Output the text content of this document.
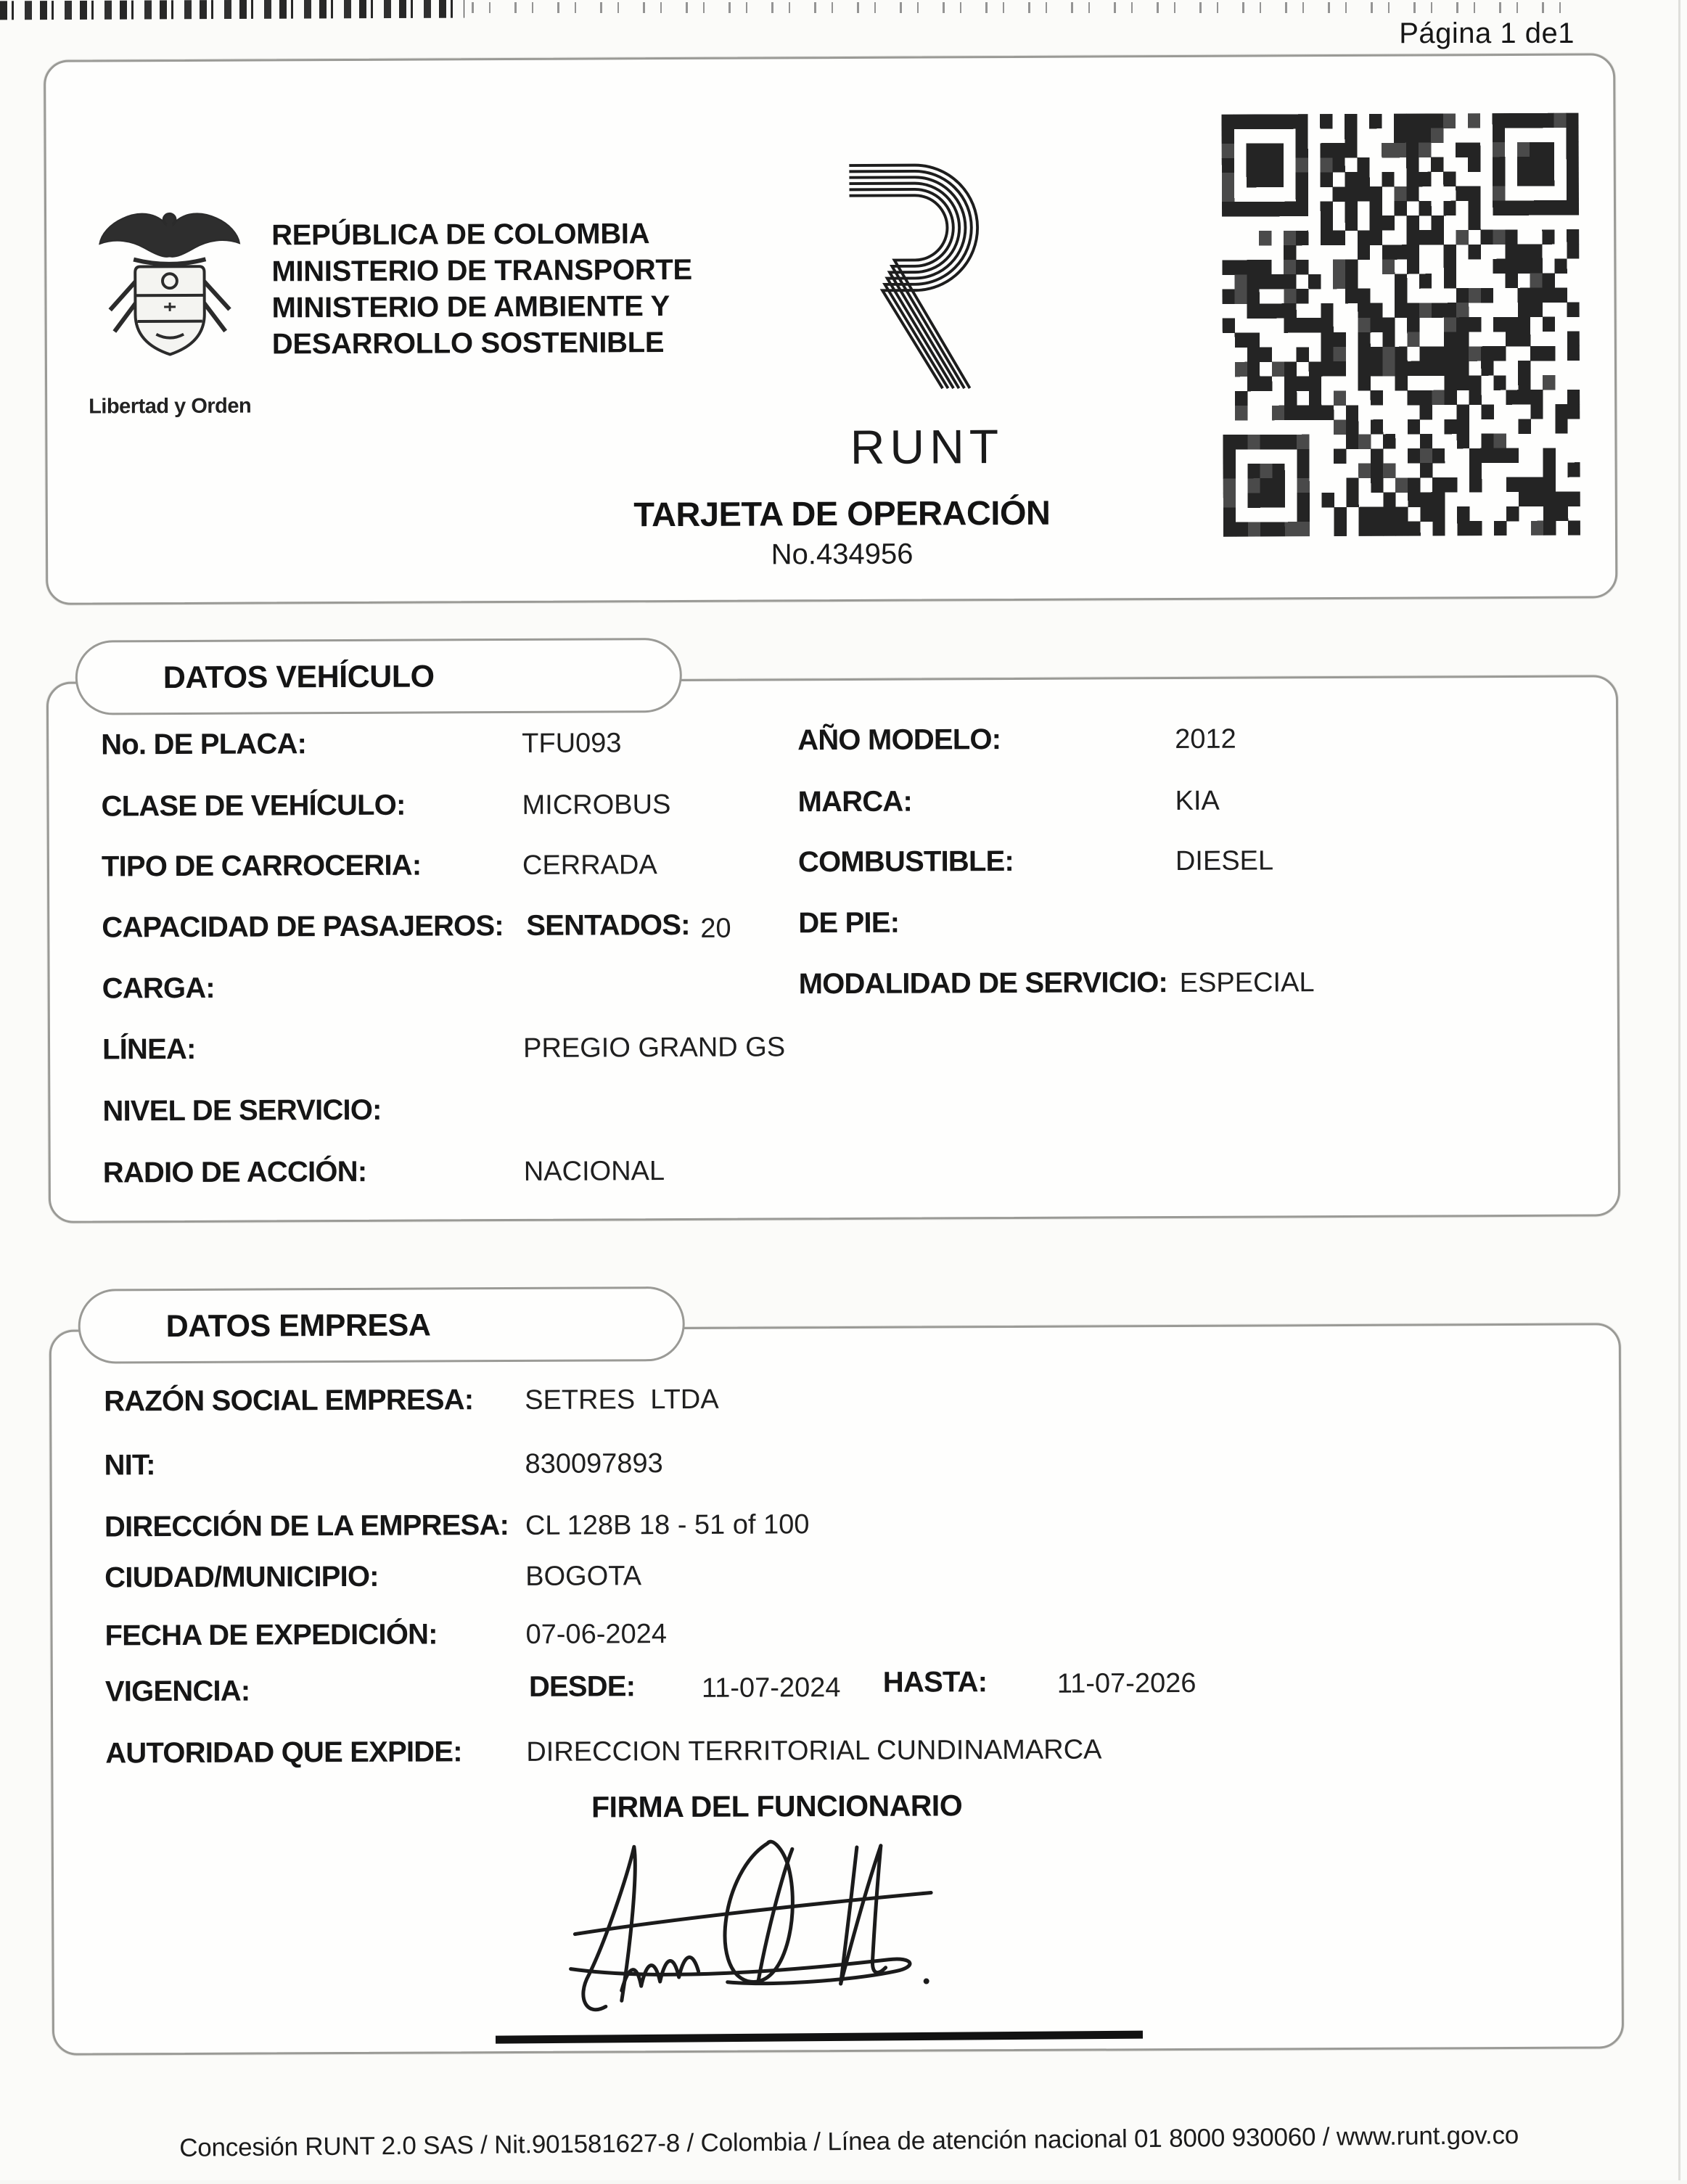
Página 1 de1
Libertad y Orden
REPÚBLICA DE COLOMBIA
MINISTERIO DE TRANSPORTE
MINISTERIO DE AMBIENTE Y
DESARROLLO SOSTENIBLE
RUNT
TARJETA DE OPERACIÓN
No.434956
DATOS VEHÍCULO
No. DE PLACA:	TFU093	AÑO MODELO:	2012
CLASE DE VEHÍCULO:	MICROBUS	MARCA:	KIA
TIPO DE CARROCERIA:	CERRADA	COMBUSTIBLE:	DIESEL
CAPACIDAD DE PASAJEROS: SENTADOS: 20 DE PIE:
CARGA:	MODALIDAD DE SERVICIO: ESPECIAL
LÍNEA:	PREGIO GRAND GS
NIVEL DE SERVICIO:
RADIO DE ACCIÓN:	NACIONAL
DATOS EMPRESA
RAZÓN SOCIAL EMPRESA: SETRES  LTDA
NIT:	830097893
DIRECCIÓN DE LA EMPRESA: CL 128B 18 - 51 of 100
CIUDAD/MUNICIPIO:	BOGOTA
FECHA DE EXPEDICIÓN:	07-06-2024
VIGENCIA:	DESDE: 11-07-2024 HASTA:	11-07-2026
AUTORIDAD QUE EXPIDE: DIRECCION TERRITORIAL CUNDINAMARCA
FIRMA DEL FUNCIONARIO
Concesión RUNT 2.0 SAS / Nit.901581627-8 / Colombia / Línea de atención nacional 01 8000 930060 / www.runt.gov.co
